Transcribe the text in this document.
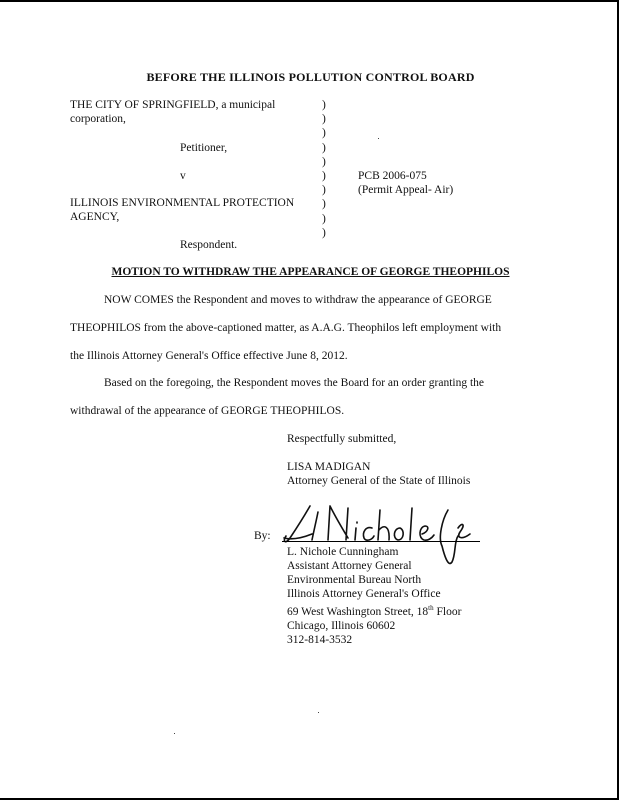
BEFORE THE ILLINOIS POLLUTION CONTROL BOARD
THE CITY OF SPRINGFIELD, a municipal
corporation,
Petitioner,
v
ILLINOIS ENVIRONMENTAL PROTECTION
AGENCY,
Respondent.
)
)
)
)
)
)
)
)
)
)
PCB 2006-075
(Permit Appeal- Air)
MOTION TO WITHDRAW THE APPEARANCE OF GEORGE THEOPHILOS
NOW COMES the Respondent and moves to withdraw the appearance of GEORGE
THEOPHILOS from the above-captioned matter, as A.A.G. Theophilos left employment with
the Illinois Attorney General's Office effective June 8, 2012.
Based on the foregoing, the Respondent moves the Board for an order granting the
withdrawal of the appearance of GEORGE THEOPHILOS.
Respectfully submitted,
LISA MADIGAN
Attorney General of the State of Illinois
By:
L. Nichole Cunningham
Assistant Attorney General
Environmental Bureau North
Illinois Attorney General's Office
69 West Washington Street, 18th Floor
Chicago, Illinois 60602
312-814-3532
